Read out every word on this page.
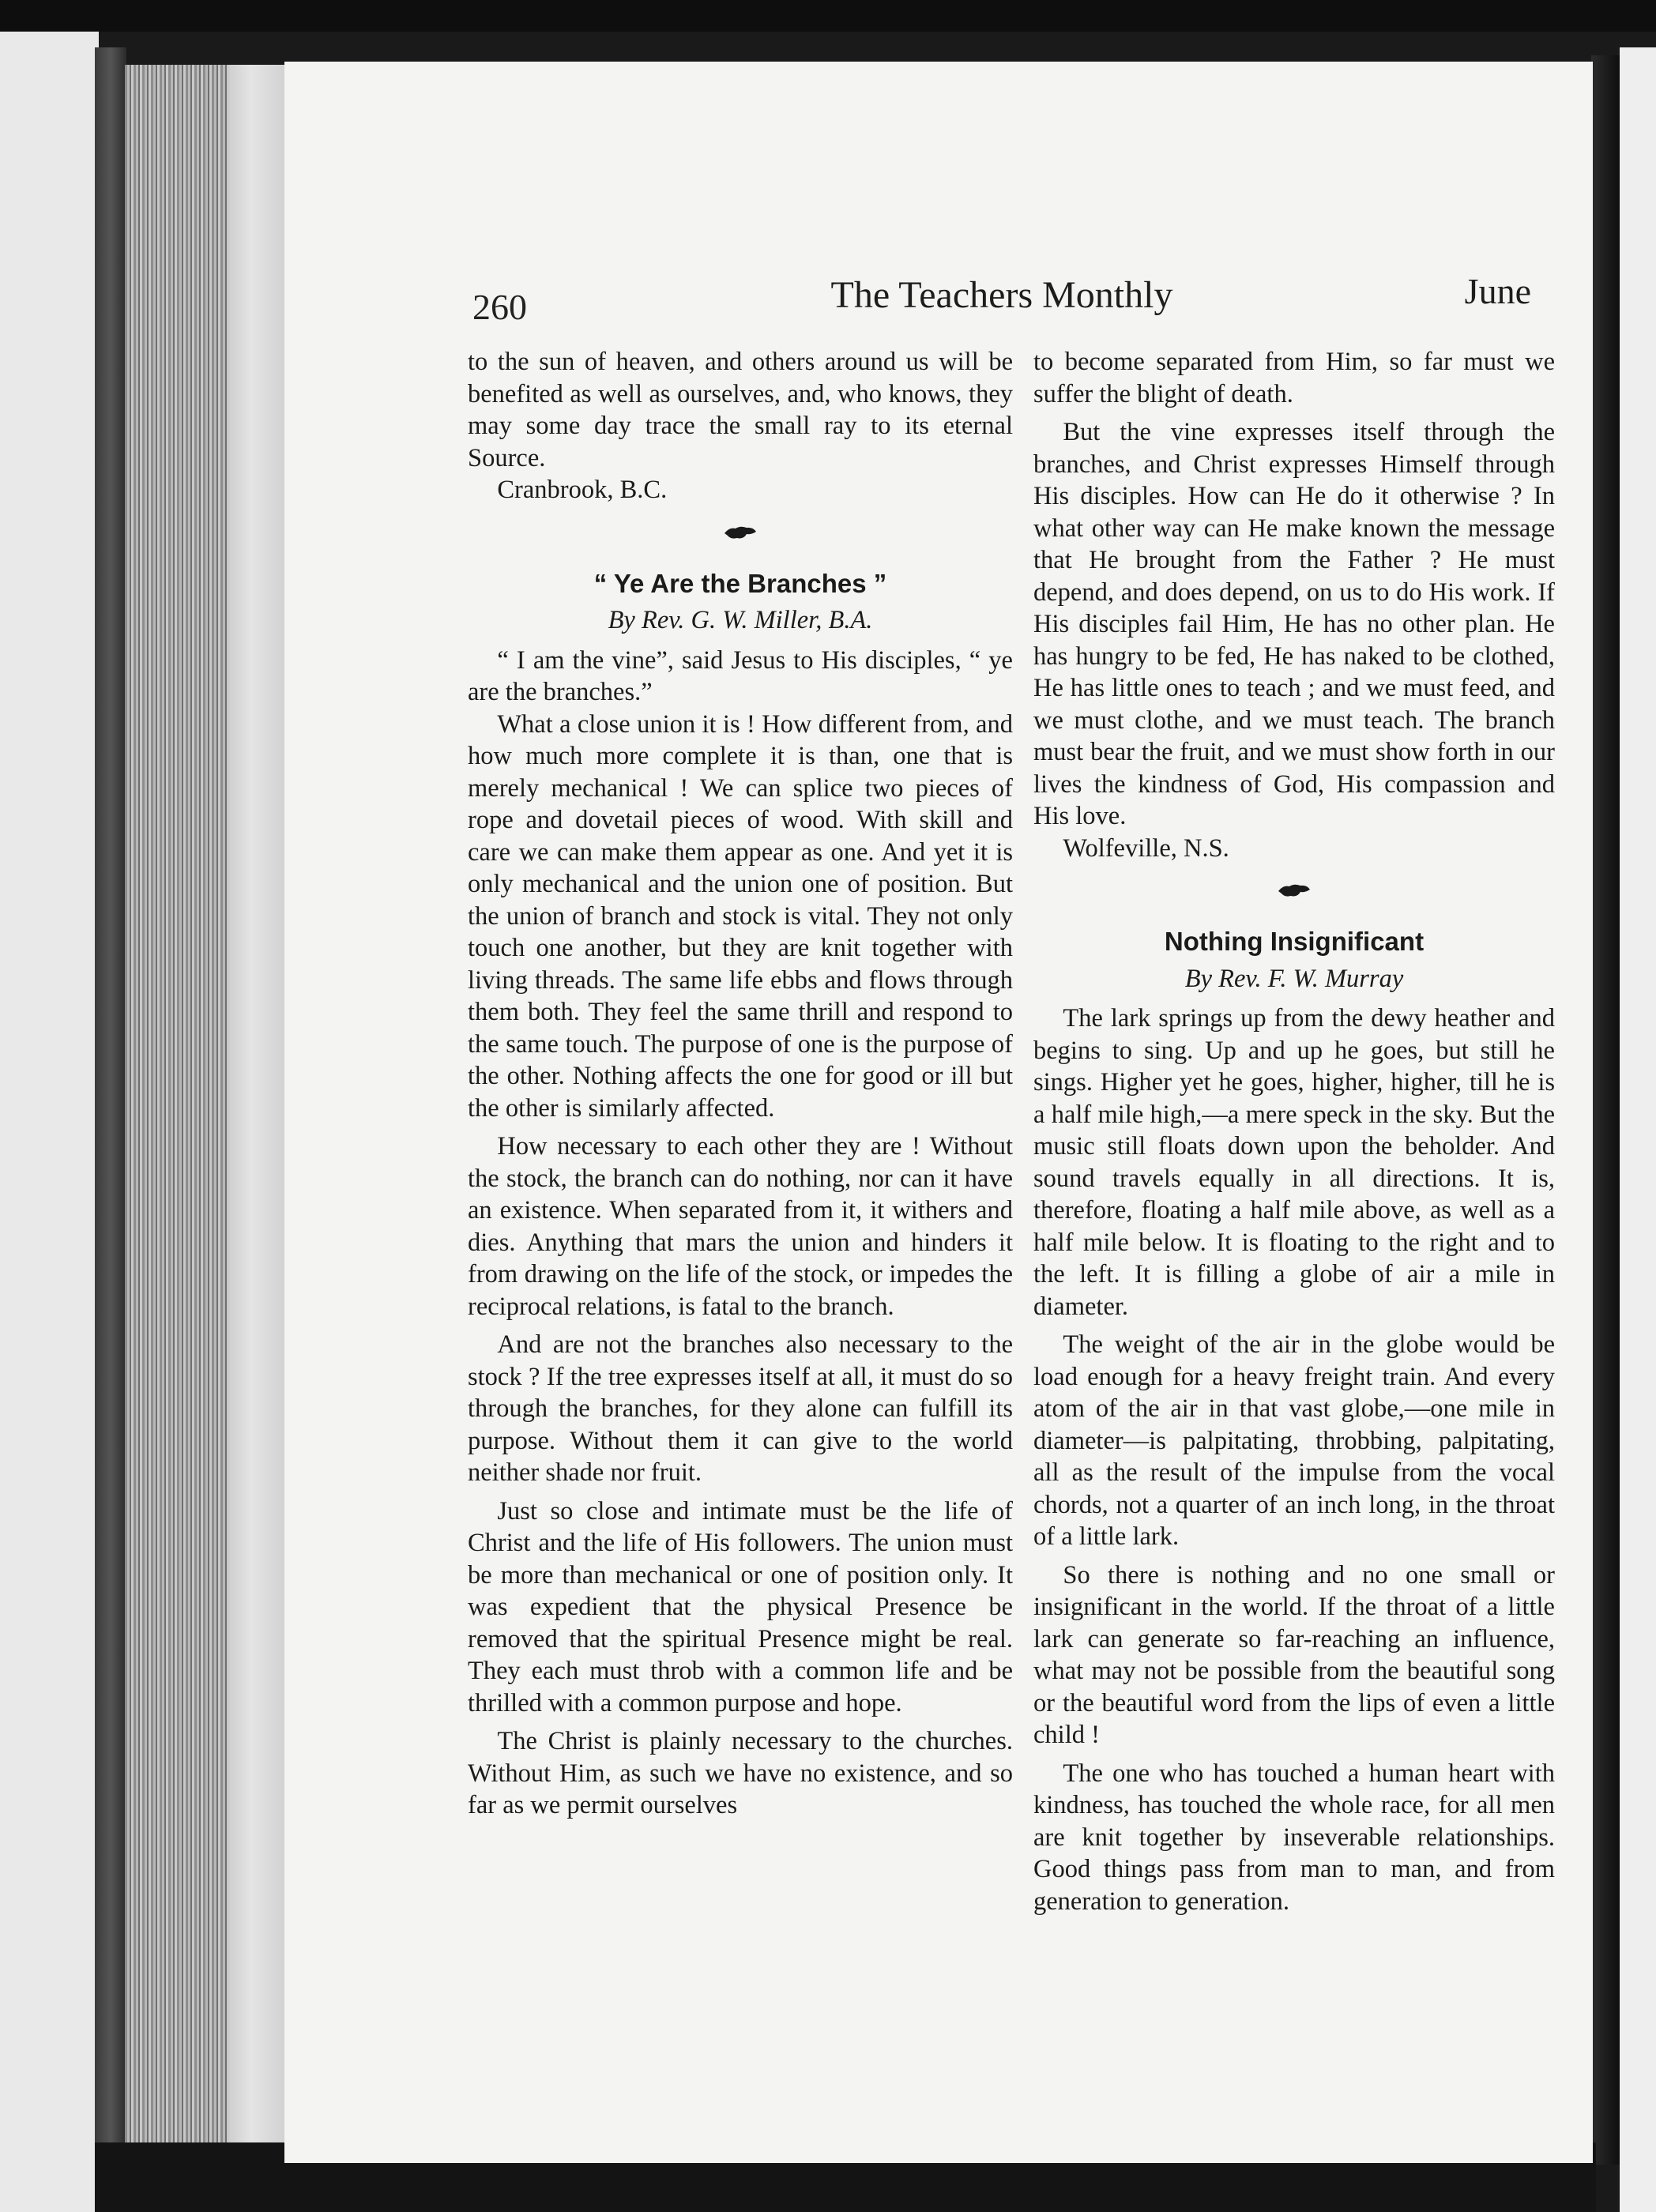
260	The Teachers Monthly	June

to the sun of heaven, and others around us will be benefited as well as ourselves, and, who knows, they may some day trace the small ray to its eternal Source.

Cranbrook, B.C.

“ Ye Are the Branches ”
By Rev. G. W. Miller, B.A.

“ I am the vine”, said Jesus to His disciples, “ ye are the branches.”

What a close union it is ! How different from, and how much more complete it is than, one that is merely mechanical ! We can splice two pieces of rope and dovetail pieces of wood. With skill and care we can make them appear as one. And yet it is only mechanical and the union one of position. But the union of branch and stock is vital. They not only touch one another, but they are knit together with living threads. The same life ebbs and flows through them both. They feel the same thrill and respond to the same touch. The purpose of one is the purpose of the other. Nothing affects the one for good or ill but the other is similarly affected.

How necessary to each other they are ! Without the stock, the branch can do nothing, nor can it have an existence. When separated from it, it withers and dies. Anything that mars the union and hinders it from drawing on the life of the stock, or impedes the reciprocal relations, is fatal to the branch.

And are not the branches also necessary to the stock ? If the tree expresses itself at all, it must do so through the branches, for they alone can fulfill its purpose. Without them it can give to the world neither shade nor fruit.

Just so close and intimate must be the life of Christ and the life of His followers. The union must be more than mechanical or one of position only. It was expedient that the physical Presence be removed that the spiritual Presence might be real. They each must throb with a common life and be thrilled with a common purpose and hope.

The Christ is plainly necessary to the churches. Without Him, as such we have no existence, and so far as we permit ourselves

to become separated from Him, so far must we suffer the blight of death.

But the vine expresses itself through the branches, and Christ expresses Himself through His disciples. How can He do it otherwise ? In what other way can He make known the message that He brought from the Father ? He must depend, and does depend, on us to do His work. If His disciples fail Him, He has no other plan. He has hungry to be fed, He has naked to be clothed, He has little ones to teach ; and we must feed, and we must clothe, and we must teach. The branch must bear the fruit, and we must show forth in our lives the kindness of God, His compassion and His love.

Wolfeville, N.S.

Nothing Insignificant
By Rev. F. W. Murray

The lark springs up from the dewy heather and begins to sing. Up and up he goes, but still he sings. Higher yet he goes, higher, higher, till he is a half mile high,—a mere speck in the sky. But the music still floats down upon the beholder. And sound travels equally in all directions. It is, therefore, floating a half mile above, as well as a half mile below. It is floating to the right and to the left. It is filling a globe of air a mile in diameter.

The weight of the air in the globe would be load enough for a heavy freight train. And every atom of the air in that vast globe,—one mile in diameter—is palpitating, throbbing, palpitating, all as the result of the impulse from the vocal chords, not a quarter of an inch long, in the throat of a little lark.

So there is nothing and no one small or insignificant in the world. If the throat of a little lark can generate so far-reaching an influence, what may not be possible from the beautiful song or the beautiful word from the lips of even a little child !

The one who has touched a human heart with kindness, has touched the whole race, for all men are knit together by inseverable relationships. Good things pass from man to man, and from generation to generation.
